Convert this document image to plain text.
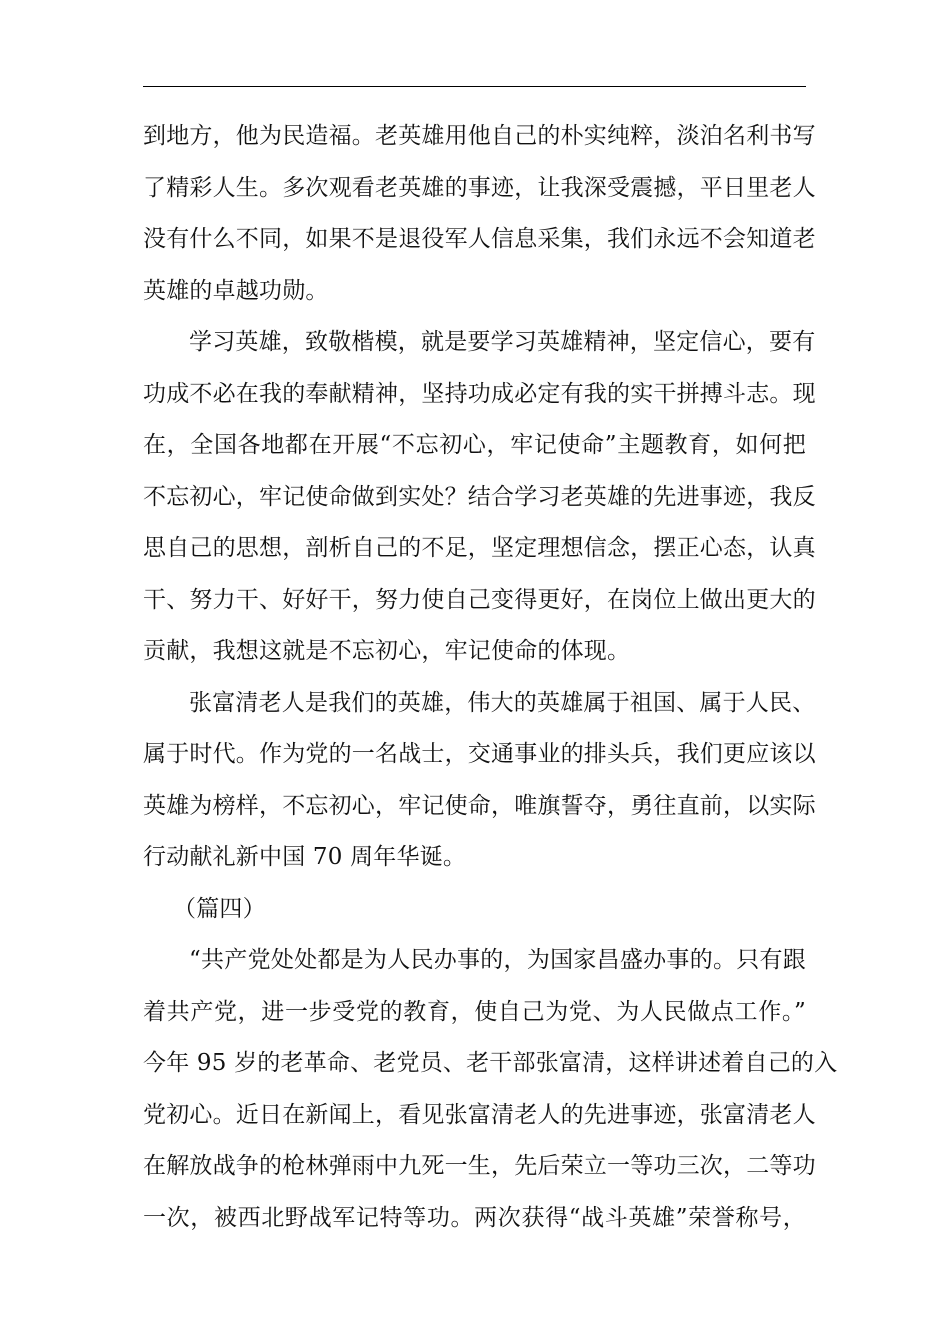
到地方，他为民造福。老英雄用他自己的朴实纯粹，淡泊名利书写
了精彩人生。多次观看老英雄的事迹，让我深受震撼，平日里老人
没有什么不同，如果不是退役军人信息采集，我们永远不会知道老
英雄的卓越功勋。
学习英雄，致敬楷模，就是要学习英雄精神，坚定信心，要有
功成不必在我的奉献精神，坚持功成必定有我的实干拼搏斗志。现
在，全国各地都在开展“不忘初心，牢记使命”主题教育，如何把
不忘初心，牢记使命做到实处？结合学习老英雄的先进事迹，我反
思自己的思想，剖析自己的不足，坚定理想信念，摆正心态，认真
干、努力干、好好干，努力使自己变得更好，在岗位上做出更大的
贡献，我想这就是不忘初心，牢记使命的体现。
张富清老人是我们的英雄，伟大的英雄属于祖国、属于人民、
属于时代。作为党的一名战士，交通事业的排头兵，我们更应该以
英雄为榜样，不忘初心，牢记使命，唯旗誓夺，勇往直前，以实际
行动献礼新中国 70 周年华诞。
（篇四）
“共产党处处都是为人民办事的，为国家昌盛办事的。只有跟
着共产党，进一步受党的教育，使自己为党、为人民做点工作。”
今年 95 岁的老革命、老党员、老干部张富清，这样讲述着自己的入
党初心。近日在新闻上，看见张富清老人的先进事迹，张富清老人
在解放战争的枪林弹雨中九死一生，先后荣立一等功三次，二等功
一次，被西北野战军记特等功。两次获得“战斗英雄”荣誉称号，
